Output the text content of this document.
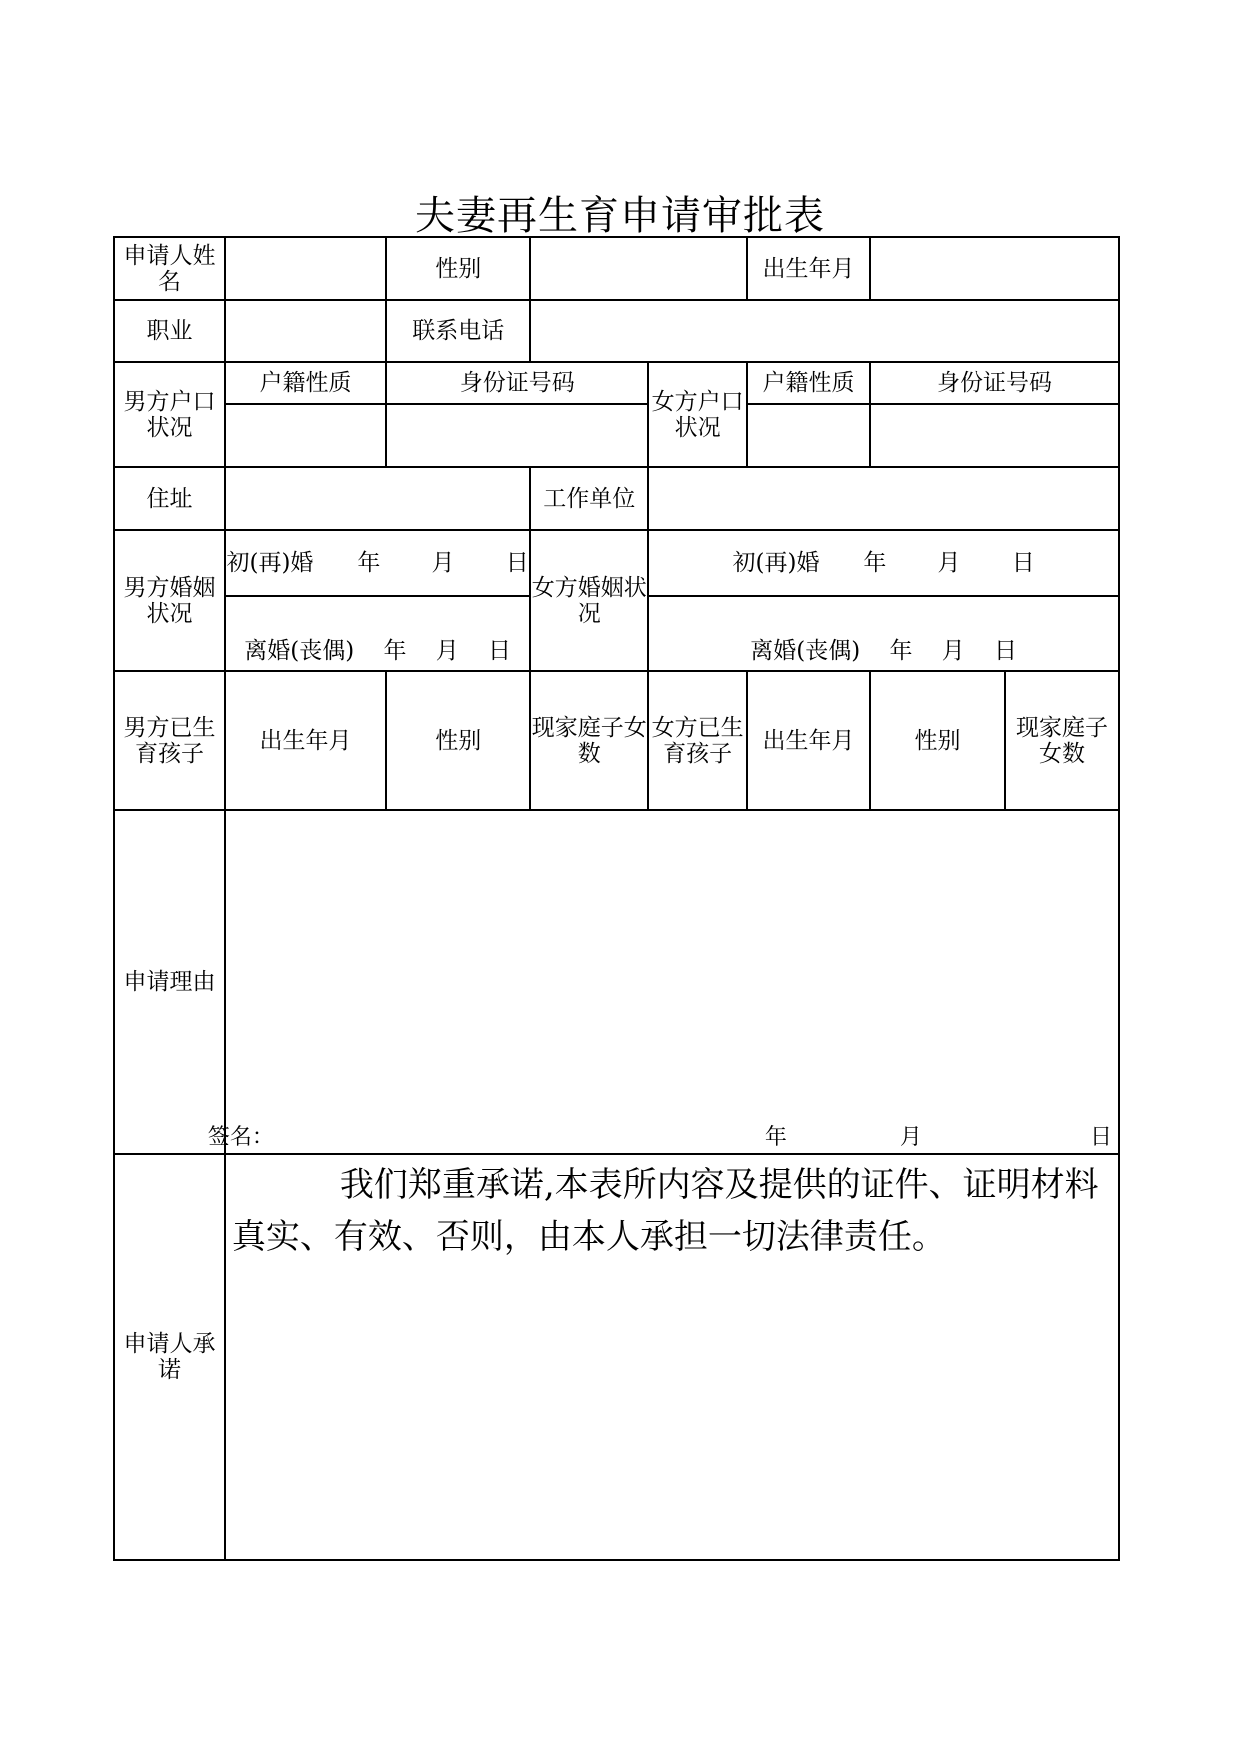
夫妻再生育申请审批表
申请人姓名		性别			出生年月		
职业		联系电话					

男方户口状况	户籍性质	身份证号码		女方户口状况	户籍性质	身份证号码	

住址			工作单位				

男方婚姻状况	初(再)婚 年 月 日		女方婚姻状况	初(再)婚 年 月 日			
	离婚(丧偶) 年 月 日			离婚(丧偶) 年 月 日			

男方已生育孩子	出生年月	性别	现家庭子女数	女方已生育孩子	出生年月	性别	现家庭子女数

申请理由	签名： 年 月 日						

申请人承诺	我们郑重承诺,本表所内容及提供的证件、证明材料真实、有效、否则，由本人承担一切法律责任。						
